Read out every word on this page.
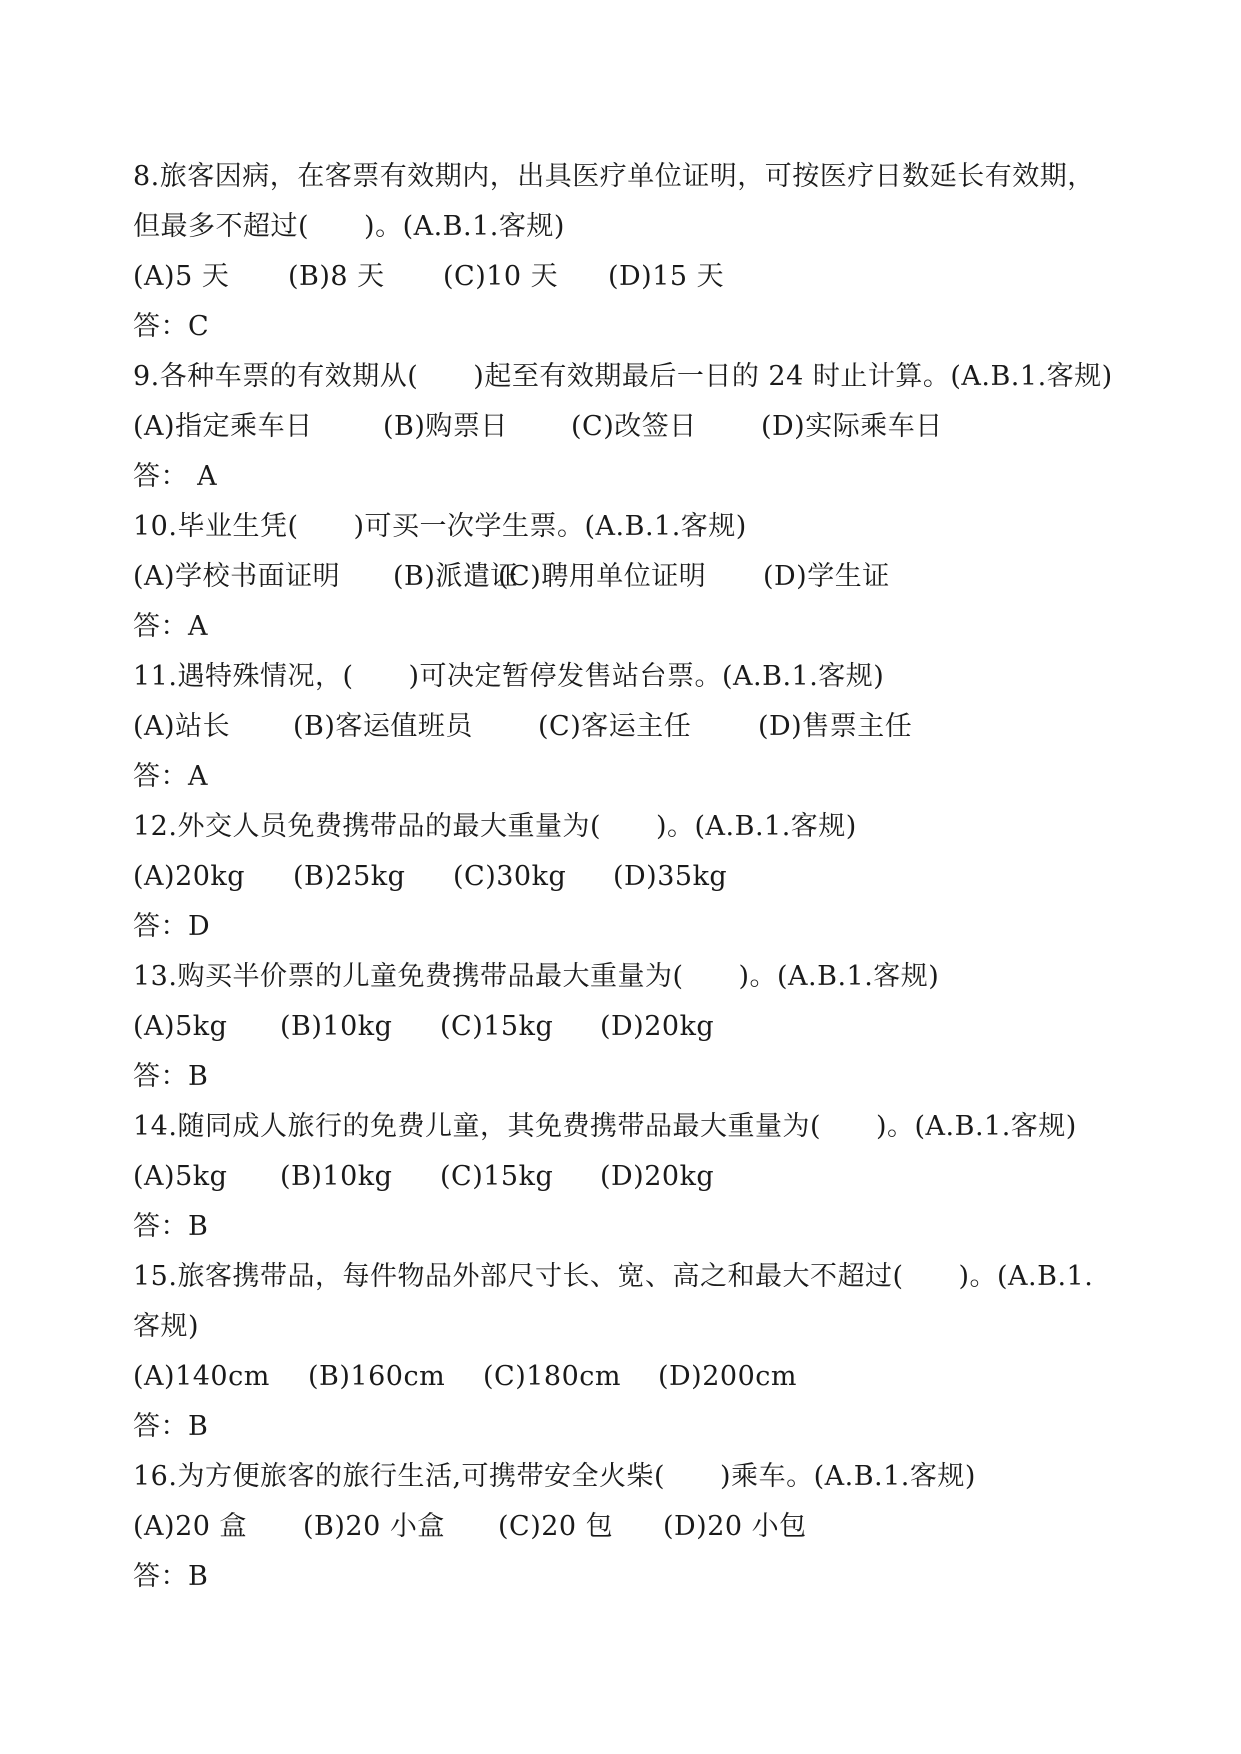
8.旅客因病，在客票有效期内，出具医疗单位证明，可按医疗日数延长有效期，
但最多不超过(　　)。(A.B.1.客规)
(A)5 天	(B)8 天	(C)10 天	(D)15 天
答：C
9.各种车票的有效期从(　　)起至有效期最后一日的 24 时止计算。(A.B.1.客规)
(A)指定乘车日	(B)购票日	(C)改签日	(D)实际乘车日
答： A
10.毕业生凭(　　)可买一次学生票。(A.B.1.客规)
(A)学校书面证明	(B)派遣证
(C)聘用单位证明	(D)学生证
答：A
11.遇特殊情况，(　　)可决定暂停发售站台票。(A.B.1.客规)
(A)站长	(B)客运值班员	(C)客运主任	(D)售票主任
答：A
12.外交人员免费携带品的最大重量为(　　)。(A.B.1.客规)
(A)20kg	(B)25kg	(C)30kg	(D)35kg
答：D
13.购买半价票的儿童免费携带品最大重量为(　　)。(A.B.1.客规)
(A)5kg	(B)10kg	(C)15kg	(D)20kg
答：B
14.随同成人旅行的免费儿童，其免费携带品最大重量为(　　)。(A.B.1.客规)
(A)5kg	(B)10kg	(C)15kg	(D)20kg
答：B
15.旅客携带品，每件物品外部尺寸长、宽、高之和最大不超过(　　)。(A.B.1.
客规)
(A)140cm	(B)160cm	(C)180cm	(D)200cm
答：B
16.为方便旅客的旅行生活,可携带安全火柴(　　)乘车。(A.B.1.客规)
(A)20 盒	(B)20 小盒	(C)20 包	(D)20 小包
答：B
